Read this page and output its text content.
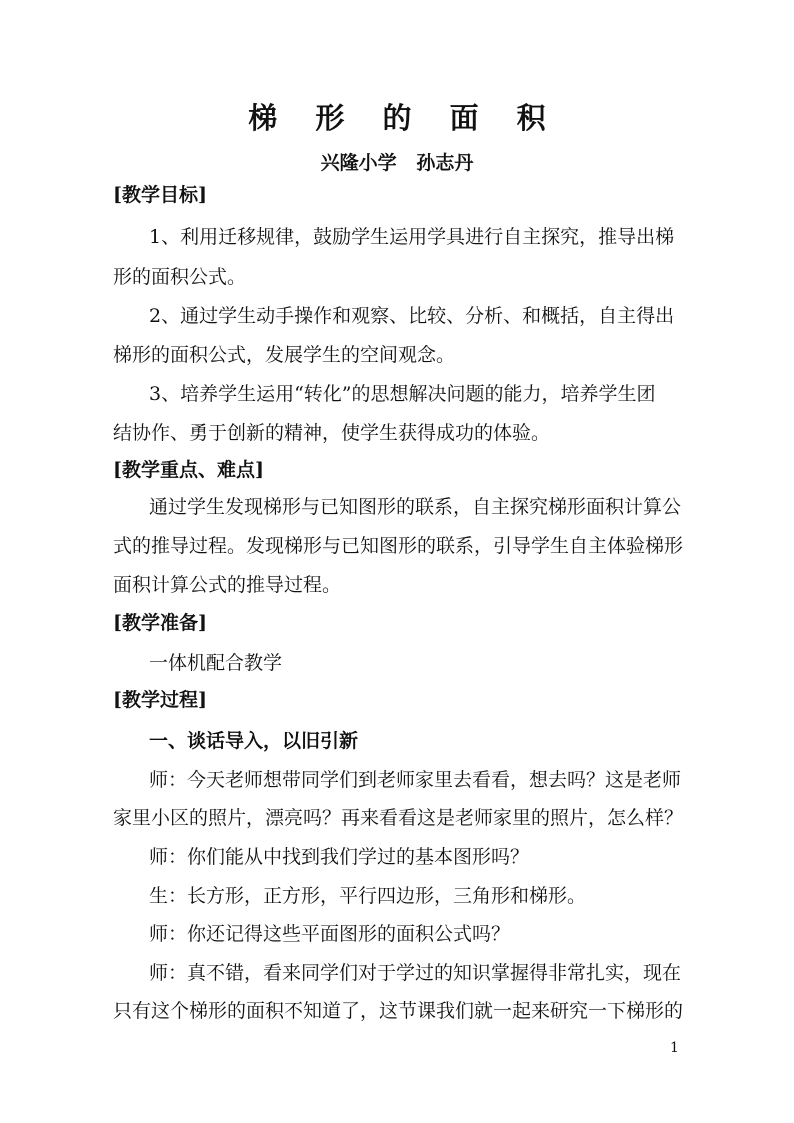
梯 形 的 面 积
兴隆小学   孙志丹
[教学目标]
1、利用迁移规律，鼓励学生运用学具进行自主探究，推导出梯
形的面积公式。
2、通过学生动手操作和观察、比较、分析、和概括，自主得出
梯形的面积公式，发展学生的空间观念。
3、培养学生运用“转化”的思想解决问题的能力，培养学生团
结协作、勇于创新的精神，使学生获得成功的体验。
[教学重点、难点]
通过学生发现梯形与已知图形的联系，自主探究梯形面积计算公
式的推导过程。发现梯形与已知图形的联系，引导学生自主体验梯形
面积计算公式的推导过程。
[教学准备]
一体机配合教学
[教学过程]
一、谈话导入，以旧引新
师：今天老师想带同学们到老师家里去看看，想去吗？这是老师
家里小区的照片，漂亮吗？再来看看这是老师家里的照片，怎么样？
师：你们能从中找到我们学过的基本图形吗？
生：长方形，正方形，平行四边形，三角形和梯形。
师：你还记得这些平面图形的面积公式吗？
师：真不错，看来同学们对于学过的知识掌握得非常扎实，现在
只有这个梯形的面积不知道了，这节课我们就一起来研究一下梯形的
1
